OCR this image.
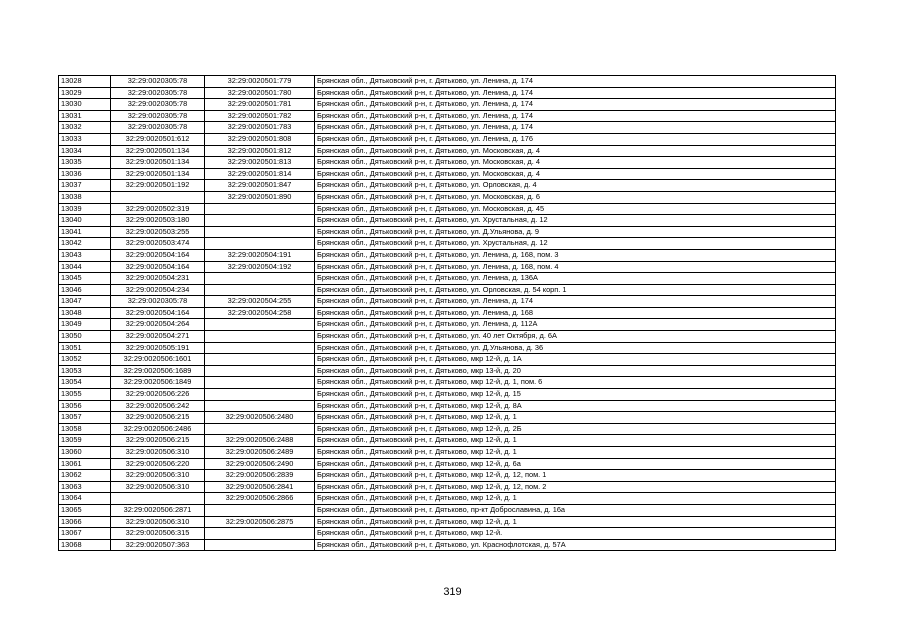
13028	32:29:0020305:78	32:29:0020501:779	Брянская обл., Дятьковский р-н, г. Дятьково, ул. Ленина, д. 174
13029	32:29:0020305:78	32:29:0020501:780	Брянская обл., Дятьковский р-н, г. Дятьково, ул. Ленина, д. 174
13030	32:29:0020305:78	32:29:0020501:781	Брянская обл., Дятьковский р-н, г. Дятьково, ул. Ленина, д. 174
13031	32:29:0020305:78	32:29:0020501:782	Брянская обл., Дятьковский р-н, г. Дятьково, ул. Ленина, д. 174
13032	32:29:0020305:78	32:29:0020501:783	Брянская обл., Дятьковский р-н, г. Дятьково, ул. Ленина, д. 174
13033	32:29:0020501:612	32:29:0020501:808	Брянская обл., Дятьковский р-н, г. Дятьково, ул. Ленина, д. 176
13034	32:29:0020501:134	32:29:0020501:812	Брянская обл., Дятьковский р-н, г. Дятьково, ул. Московская, д. 4
13035	32:29:0020501:134	32:29:0020501:813	Брянская обл., Дятьковский р-н, г. Дятьково, ул. Московская, д. 4
13036	32:29:0020501:134	32:29:0020501:814	Брянская обл., Дятьковский р-н, г. Дятьково, ул. Московская, д. 4
13037	32:29:0020501:192	32:29:0020501:847	Брянская обл., Дятьковский р-н, г. Дятьково, ул. Орловская, д. 4
13038		32:29:0020501:890	Брянская обл., Дятьковский р-н, г. Дятьково, ул. Московская, д. 6
13039	32:29:0020502:319		Брянская обл., Дятьковский р-н, г. Дятьково, ул. Московская, д. 45
13040	32:29:0020503:180		Брянская обл., Дятьковский р-н, г. Дятьково, ул. Хрустальная, д. 12
13041	32:29:0020503:255		Брянская обл., Дятьковский р-н, г. Дятьково, ул. Д.Ульянова, д. 9
13042	32:29:0020503:474		Брянская обл., Дятьковский р-н, г. Дятьково, ул. Хрустальная, д. 12
13043	32:29:0020504:164	32:29:0020504:191	Брянская обл., Дятьковский р-н, г. Дятьково, ул. Ленина, д. 168, пом. 3
13044	32:29:0020504:164	32:29:0020504:192	Брянская обл., Дятьковский р-н, г. Дятьково, ул. Ленина, д. 168, пом. 4
13045	32:29:0020504:231		Брянская обл., Дятьковский р-н, г. Дятьково, ул. Ленина, д. 136А
13046	32:29:0020504:234		Брянская обл., Дятьковский р-н, г. Дятьково, ул. Орловская, д. 54 корп. 1
13047	32:29:0020305:78	32:29:0020504:255	Брянская обл., Дятьковский р-н, г. Дятьково, ул. Ленина, д. 174
13048	32:29:0020504:164	32:29:0020504:258	Брянская обл., Дятьковский р-н, г. Дятьково, ул. Ленина, д. 168
13049	32:29:0020504:264		Брянская обл., Дятьковский р-н, г. Дятьково, ул. Ленина, д. 112А
13050	32:29:0020504:271		Брянская обл., Дятьковский р-н, г. Дятьково, ул. 40 лет Октября, д. 6А
13051	32:29:0020505:191		Брянская обл., Дятьковский р-н, г. Дятьково, ул. Д.Ульянова, д. 36
13052	32:29:0020506:1601		Брянская обл., Дятьковский р-н, г. Дятьково, мкр 12-й, д. 1А
13053	32:29:0020506:1689		Брянская обл., Дятьковский р-н, г. Дятьково, мкр 13-й, д. 20
13054	32:29:0020506:1849		Брянская обл., Дятьковский р-н, г. Дятьково, мкр 12-й, д. 1, пом. 6
13055	32:29:0020506:226		Брянская обл., Дятьковский р-н, г. Дятьково, мкр 12-й, д. 15
13056	32:29:0020506:242		Брянская обл., Дятьковский р-н, г. Дятьково, мкр 12-й, д. 8А
13057	32:29:0020506:215	32:29:0020506:2480	Брянская обл., Дятьковский р-н, г. Дятьково, мкр 12-й, д. 1
13058	32:29:0020506:2486		Брянская обл., Дятьковский р-н, г. Дятьково, мкр 12-й, д. 2Б
13059	32:29:0020506:215	32:29:0020506:2488	Брянская обл., Дятьковский р-н, г. Дятьково, мкр 12-й, д. 1
13060	32:29:0020506:310	32:29:0020506:2489	Брянская обл., Дятьковский р-н, г. Дятьково, мкр 12-й, д. 1
13061	32:29:0020506:220	32:29:0020506:2490	Брянская обл., Дятьковский р-н, г. Дятьково, мкр 12-й, д. 6а
13062	32:29:0020506:310	32:29:0020506:2839	Брянская обл., Дятьковский р-н, г. Дятьково, мкр 12-й, д. 12, пом. 1
13063	32:29:0020506:310	32:29:0020506:2841	Брянская обл., Дятьковский р-н, г. Дятьково, мкр 12-й, д. 12, пом. 2
13064		32:29:0020506:2866	Брянская обл., Дятьковский р-н, г. Дятьково, мкр 12-й, д. 1
13065	32:29:0020506:2871		Брянская обл., Дятьковский р-н, г. Дятьково, пр-кт Доброславина, д. 16а
13066	32:29:0020506:310	32:29:0020506:2875	Брянская обл., Дятьковский р-н, г. Дятьково, мкр 12-й, д. 1
13067	32:29:0020506:315		Брянская обл., Дятьковский р-н, г. Дятьково, мкр 12-й.
13068	32:29:0020507:363		Брянская обл., Дятьковский р-н, г. Дятьково, ул. Краснофлотская, д. 57А
319
